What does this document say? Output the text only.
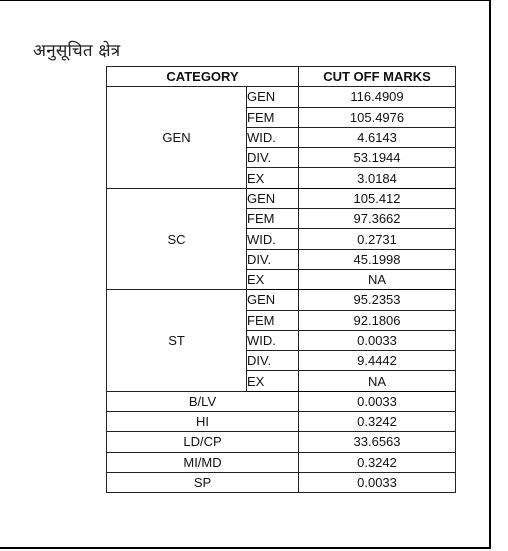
अनुसूचित क्षेत्र
CATEGORY		CUT OFF MARKS
GEN	GEN	116.4909
	FEM	105.4976
	WID.	4.6143
	DIV.	53.1944
	EX	3.0184
SC	GEN	105.412
	FEM	97.3662
	WID.	0.2731
	DIV.	45.1998
	EX	NA
ST	GEN	95.2353
	FEM	92.1806
	WID.	0.0033
	DIV.	9.4442
	EX	NA
B/LV		0.0033
HI		0.3242
LD/CP		33.6563
MI/MD		0.3242
SP		0.0033
